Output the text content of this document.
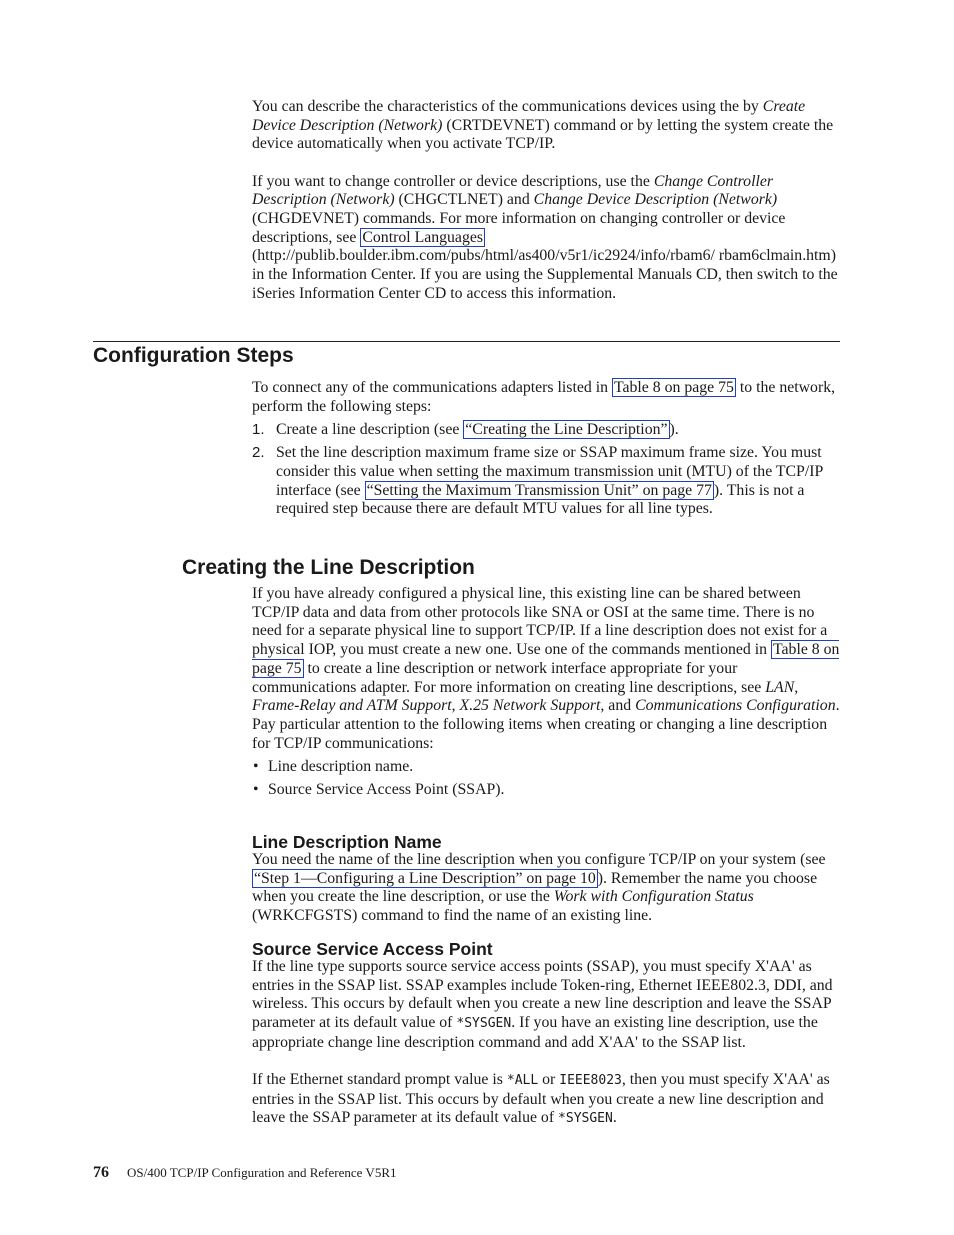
You can describe the characteristics of the communications devices using the by Create Device Description (Network) (CRTDEVNET) command or by letting the system create the device automatically when you activate TCP/IP.

If you want to change controller or device descriptions, use the Change Controller Description (Network) (CHGCTLNET) and Change Device Description (Network) (CHGDEVNET) commands. For more information on changing controller or device descriptions, see Control Languages (http://publib.boulder.ibm.com/pubs/html/as400/v5r1/ic2924/info/rbam6/ rbam6clmain.htm) in the Information Center. If you are using the Supplemental Manuals CD, then switch to the iSeries Information Center CD to access this information.

Configuration Steps

To connect any of the communications adapters listed in Table 8 on page 75 to the network, perform the following steps:

1. Create a line description (see “Creating the Line Description” ).
2. Set the line description maximum frame size or SSAP maximum frame size. You must consider this value when setting the maximum transmission unit (MTU) of the TCP/IP interface (see “Setting the Maximum Transmission Unit” on page 77 ). This is not a required step because there are default MTU values for all line types.
Creating the Line Description

If you have already configured a physical line, this existing line can be shared between TCP/IP data and data from other protocols like SNA or OSI at the same time. There is no need for a separate physical line to support TCP/IP. If a line description does not exist for a physical IOP, you must create a new one. Use one of the commands mentioned in Table 8 on page 75 to create a line description or network interface appropriate for your communications adapter. For more information on creating line descriptions, see LAN, Frame-Relay and ATM Support, X.25 Network Support, and Communications Configuration. Pay particular attention to the following items when creating or changing a line description for TCP/IP communications:

• Line description name.
• Source Service Access Point (SSAP).
Line Description Name

You need the name of the line description when you configure TCP/IP on your system (see “Step 1—Configuring a Line Description” on page 10 ). Remember the name you choose when you create the line description, or use the Work with Configuration Status (WRKCFGSTS) command to find the name of an existing line.

Source Service Access Point

If the line type supports source service access points (SSAP), you must specify X'AA' as entries in the SSAP list. SSAP examples include Token-ring, Ethernet IEEE802.3, DDI, and wireless. This occurs by default when you create a new line description and leave the SSAP parameter at its default value of *SYSGEN. If you have an existing line description, use the appropriate change line description command and add X'AA' to the SSAP list.

If the Ethernet standard prompt value is *ALL or IEEE8023, then you must specify X'AA' as entries in the SSAP list. This occurs by default when you create a new line description and leave the SSAP parameter at its default value of *SYSGEN.

76 OS/400 TCP/IP Configuration and Reference V5R1
